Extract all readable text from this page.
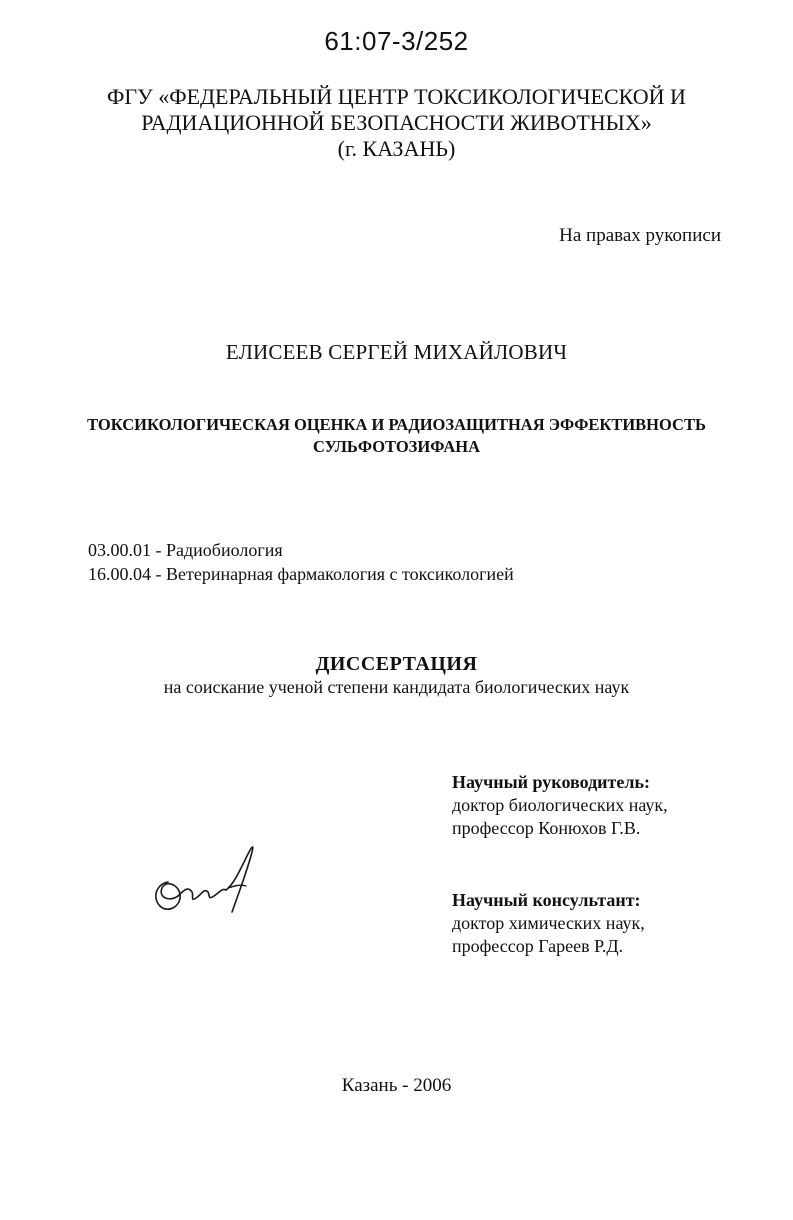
61:07-3/252
ФГУ «ФЕДЕРАЛЬНЫЙ ЦЕНТР ТОКСИКОЛОГИЧЕСКОЙ И
РАДИАЦИОННОЙ БЕЗОПАСНОСТИ ЖИВОТНЫХ»
(г. КАЗАНЬ)
На правах рукописи
ЕЛИСЕЕВ СЕРГЕЙ МИХАЙЛОВИЧ
ТОКСИКОЛОГИЧЕСКАЯ ОЦЕНКА И РАДИОЗАЩИТНАЯ ЭФФЕКТИВНОСТЬ
СУЛЬФОТОЗИФАНА
03.00.01 - Радиобиология
16.00.04 - Ветеринарная фармакология с токсикологией
ДИССЕРТАЦИЯ
на соискание ученой степени кандидата биологических наук
Научный руководитель:
доктор биологических наук,
профессор Конюхов Г.В.
Научный консультант:
доктор химических наук,
профессор Гареев Р.Д.
Казань - 2006
